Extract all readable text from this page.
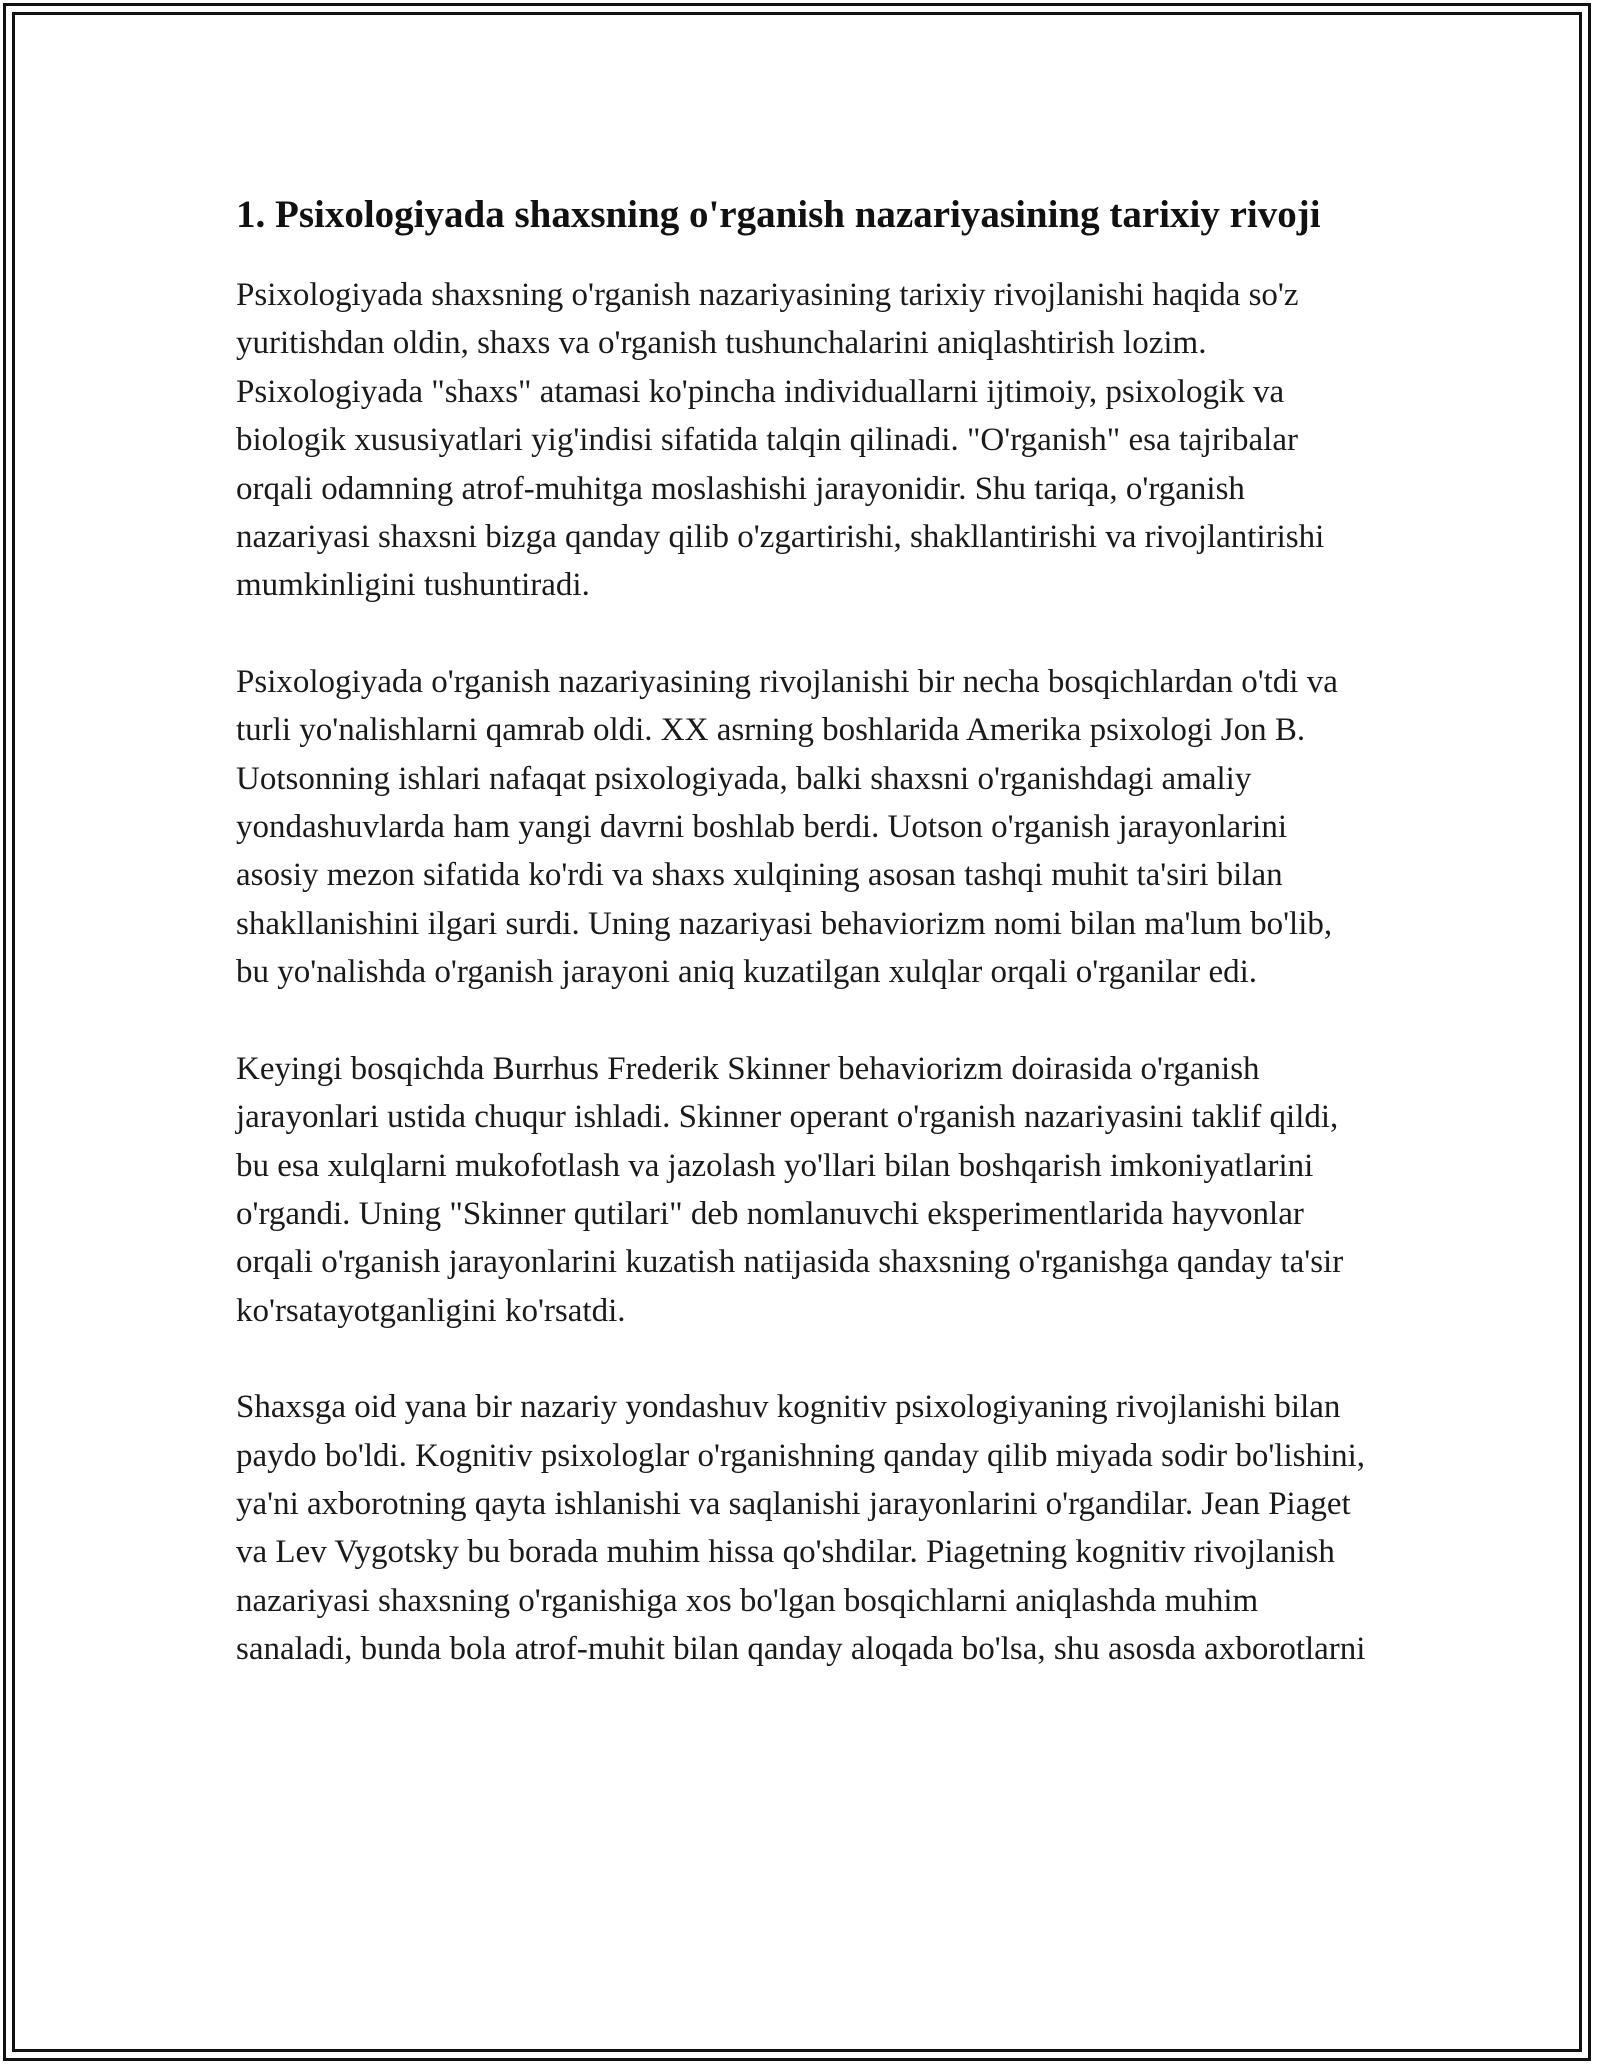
1. Psixologiyada shaxsning o'rganish nazariyasining tarixiy rivoji

Psixologiyada shaxsning o'rganish nazariyasining tarixiy rivojlanishi haqida so'z yuritishdan oldin, shaxs va o'rganish tushunchalarini aniqlashtirish lozim. Psixologiyada "shaxs" atamasi ko'pincha individuallarni ijtimoiy, psixologik va biologik xususiyatlari yig'indisi sifatida talqin qilinadi. "O'rganish" esa tajribalar orqali odamning atrof-muhitga moslashishi jarayonidir. Shu tariqa, o'rganish nazariyasi shaxsni bizga qanday qilib o'zgartirishi, shakllantirishi va rivojlantirishi mumkinligini tushuntiradi.

Psixologiyada o'rganish nazariyasining rivojlanishi bir necha bosqichlardan o'tdi va turli yo'nalishlarni qamrab oldi. XX asrning boshlarida Amerika psixologi Jon B. Uotsonning ishlari nafaqat psixologiyada, balki shaxsni o'rganishdagi amaliy yondashuvlarda ham yangi davrni boshlab berdi. Uotson o'rganish jarayonlarini asosiy mezon sifatida ko'rdi va shaxs xulqining asosan tashqi muhit ta'siri bilan shakllanishini ilgari surdi. Uning nazariyasi behaviorizm nomi bilan ma'lum bo'lib, bu yo'nalishda o'rganish jarayoni aniq kuzatilgan xulqlar orqali o'rganilar edi.

Keyingi bosqichda Burrhus Frederik Skinner behaviorizm doirasida o'rganish jarayonlari ustida chuqur ishladi. Skinner operant o'rganish nazariyasini taklif qildi, bu esa xulqlarni mukofotlash va jazolash yo'llari bilan boshqarish imkoniyatlarini o'rgandi. Uning "Skinner qutilari" deb nomlanuvchi eksperimentlarida hayvonlar orqali o'rganish jarayonlarini kuzatish natijasida shaxsning o'rganishga qanday ta'sir ko'rsatayotganligini ko'rsatdi.

Shaxsga oid yana bir nazariy yondashuv kognitiv psixologiyaning rivojlanishi bilan paydo bo'ldi. Kognitiv psixologlar o'rganishning qanday qilib miyada sodir bo'lishini, ya'ni axborotning qayta ishlanishi va saqlanishi jarayonlarini o'rgandilar. Jean Piaget va Lev Vygotsky bu borada muhim hissa qo'shdilar. Piagetning kognitiv rivojlanish nazariyasi shaxsning o'rganishiga xos bo'lgan bosqichlarni aniqlashda muhim sanaladi, bunda bola atrof-muhit bilan qanday aloqada bo'lsa, shu asosda axborotlarni
